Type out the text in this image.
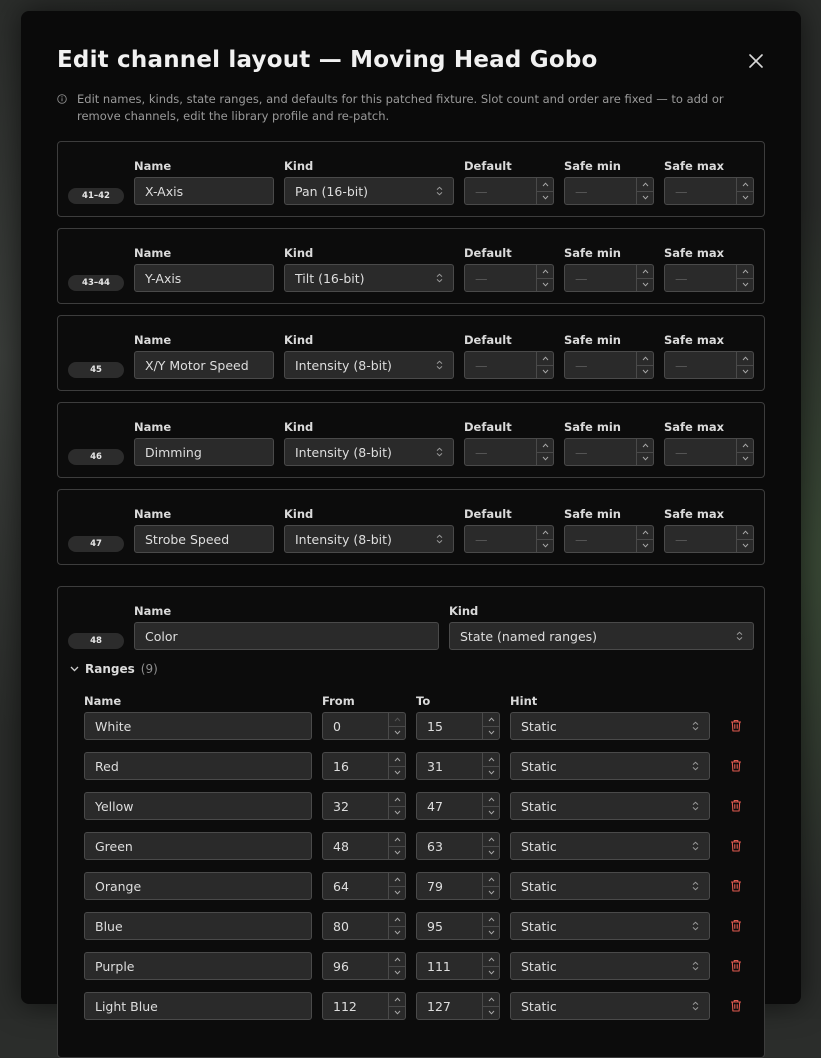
Edit channel layout — Moving Head Gobo
Edit names, kinds, state ranges, and defaults for this patched fixture. Slot count and order are fixed — to add or remove channels, edit the library profile and re-patch.
41–42
Name	Kind	Default	Safe min	Safe max
X-Axis	Pan (16-bit)	—	—	—
43–44
Name	Kind	Default	Safe min	Safe max
Y-Axis	Tilt (16-bit)	—	—	—
45
Name	Kind	Default	Safe min	Safe max
X/Y Motor Speed	Intensity (8-bit)	—	—	—
46
Name	Kind	Default	Safe min	Safe max
Dimming	Intensity (8-bit)	—	—	—
47
Name	Kind	Default	Safe min	Safe max
Strobe Speed	Intensity (8-bit)	—	—	—
48
Name	Kind
Color	State (named ranges)
Ranges (9)
Name	From	To	Hint
White	0	15	Static
Red	16	31	Static
Yellow	32	47	Static
Green	48	63	Static
Orange	64	79	Static
Blue	80	95	Static
Purple	96	111	Static
Light Blue	112	127	Static
